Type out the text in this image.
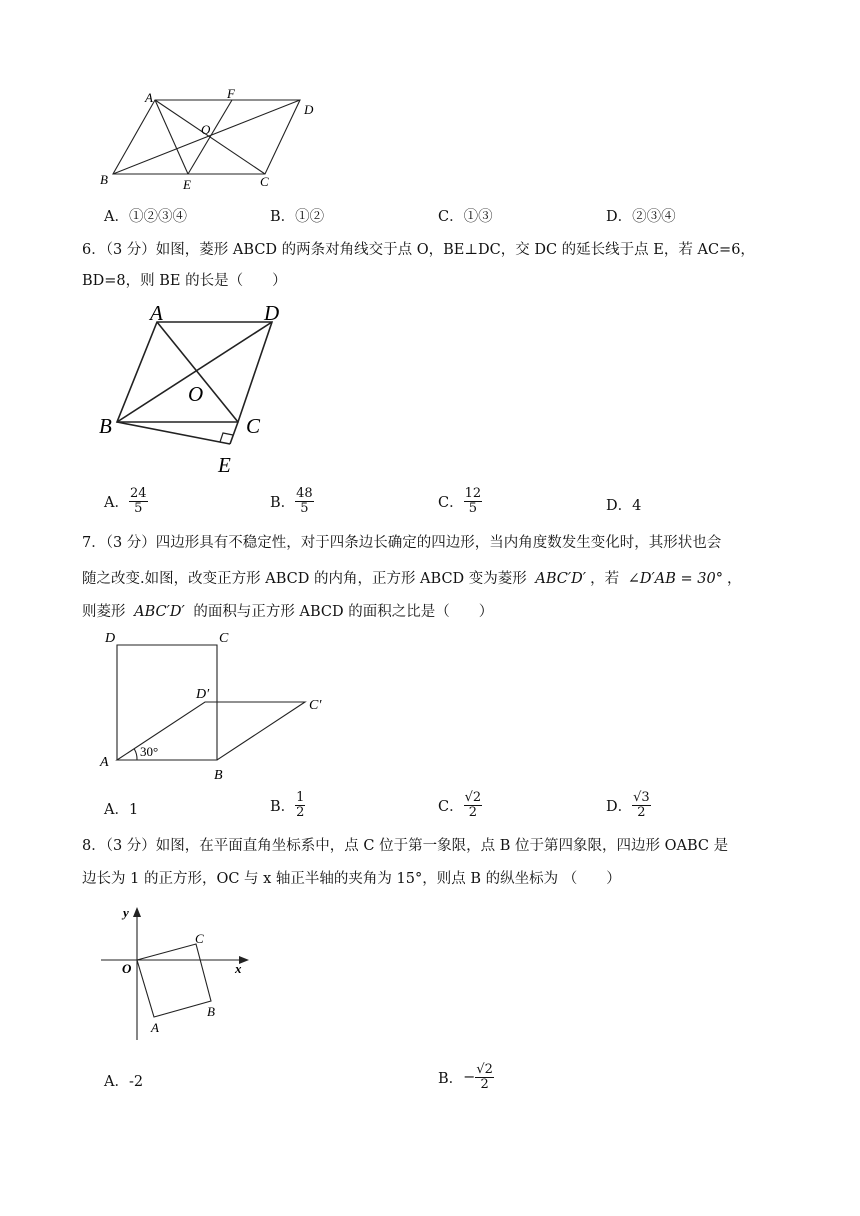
A	F
D
O
B	E	C
A．①②③④	B．①②	C．①③	D．②③④
6．（3 分）如图，菱形 ABCD 的两条对角线交于点 O，BE⊥DC，交 DC 的延长线于点 E，若 AC=6，
BD=8，则 BE 的长是（　　）
A	D
O
B	C
E
A． $\frac{24}{5}$	B． $\frac{48}{5}$	C． $\frac{12}{5}$	D．4
7．（3 分）四边形具有不稳定性，对于四条边长确定的四边形，当内角度数发生变化时，其形状也会
随之改变.如图，改变正方形 ABCD 的内角，正方形 ABCD 变为菱形 ABC′D′ ，若 ∠D′AB = 30° ，
则菱形 ABC′D′ 的面积与正方形 ABCD 的面积之比是（　　）
D	C
D′
C′
A
B
30°
A．1	B． $\frac{1}{2}$	C． $\frac{√2}{2}$	D． $\frac{√3}{2}$
8．（3 分）如图，在平面直角坐标系中，点 C 位于第一象限，点 B 位于第四象限，四边形 OABC 是
边长为 1 的正方形，OC 与 x 轴正半轴的夹角为 15°，则点 B 的纵坐标为 （　　）
y
x
O
C
A
B
A．-2	B．− $\frac{√2}{2}$
